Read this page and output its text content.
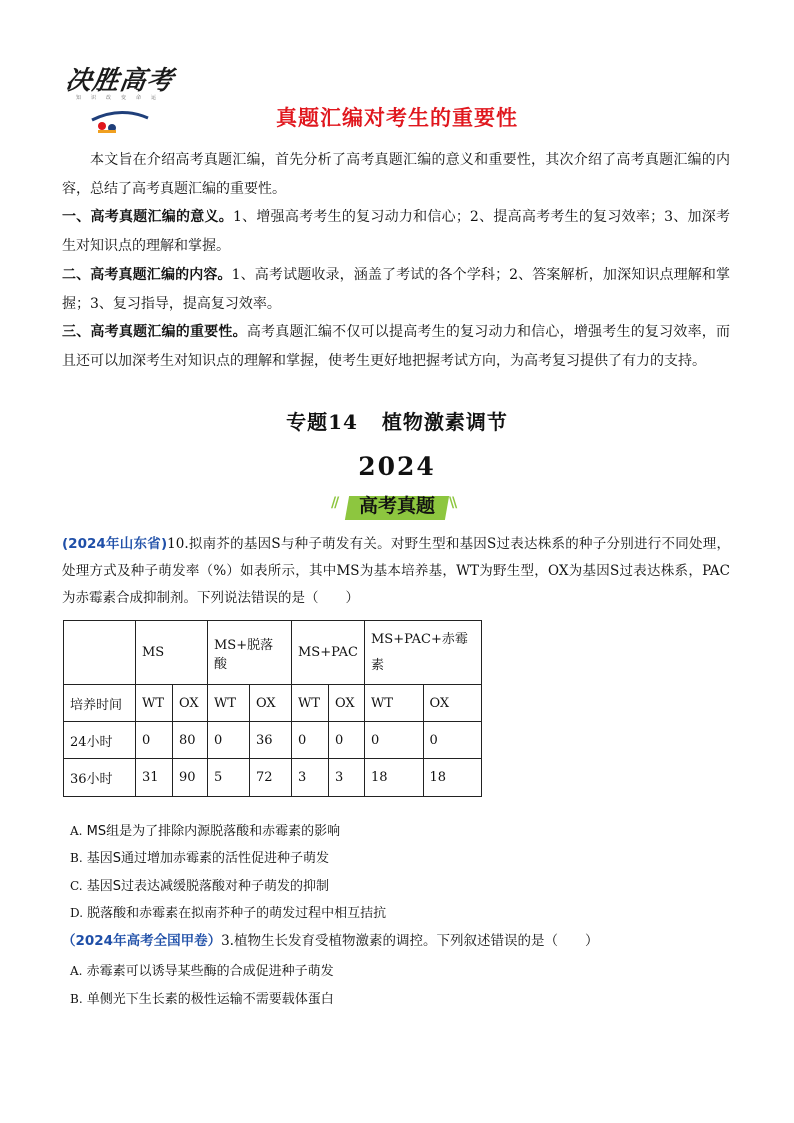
决胜高考
知识改变命运
真题汇编对考生的重要性
本文旨在介绍高考真题汇编，首先分析了高考真题汇编的意义和重要性，其次介绍了高考真题汇编的内容，总结了高考真题汇编的重要性。
一、高考真题汇编的意义。1、增强高考考生的复习动力和信心；2、提高高考考生的复习效率；3、加深考生对知识点的理解和掌握。
二、高考真题汇编的内容。1、高考试题收录，涵盖了考试的各个学科；2、答案解析，加深知识点理解和掌握；3、复习指导，提高复习效率。
三、高考真题汇编的重要性。高考真题汇编不仅可以提高考生的复习动力和信心，增强考生的复习效率，而且还可以加深考生对知识点的理解和掌握，使考生更好地把握考试方向，为高考复习提供了有力的支持。
专题14 植物激素调节
2024
//	\\
高考真题
(2024年山东省)10.拟南芥的基因S与种子萌发有关。对野生型和基因S过表达株系的种子分别进行不同处理，处理方式及种子萌发率（%）如表所示，其中MS为基本培养基，WT为野生型，OX为基因S过表达株系，PAC为赤霉素合成抑制剂。下列说法错误的是（　　）
	MS		MS+脱落酸		MS+PAC		MS+PAC+赤霉素	
培养时间	WT	OX	WT	OX	WT	OX	WT	OX
24小时	0	80	0	36	0	0	0	0
36小时	31	90	5	72	3	3	18	18
A. MS组是为了排除内源脱落酸和赤霉素的影响
B. 基因S通过增加赤霉素的活性促进种子萌发
C. 基因S过表达减缓脱落酸对种子萌发的抑制
D. 脱落酸和赤霉素在拟南芥种子的萌发过程中相互拮抗
（2024年高考全国甲卷）3.植物生长发育受植物激素的调控。下列叙述错误的是（　　）
A. 赤霉素可以诱导某些酶的合成促进种子萌发
B. 单侧光下生长素的极性运输不需要载体蛋白
